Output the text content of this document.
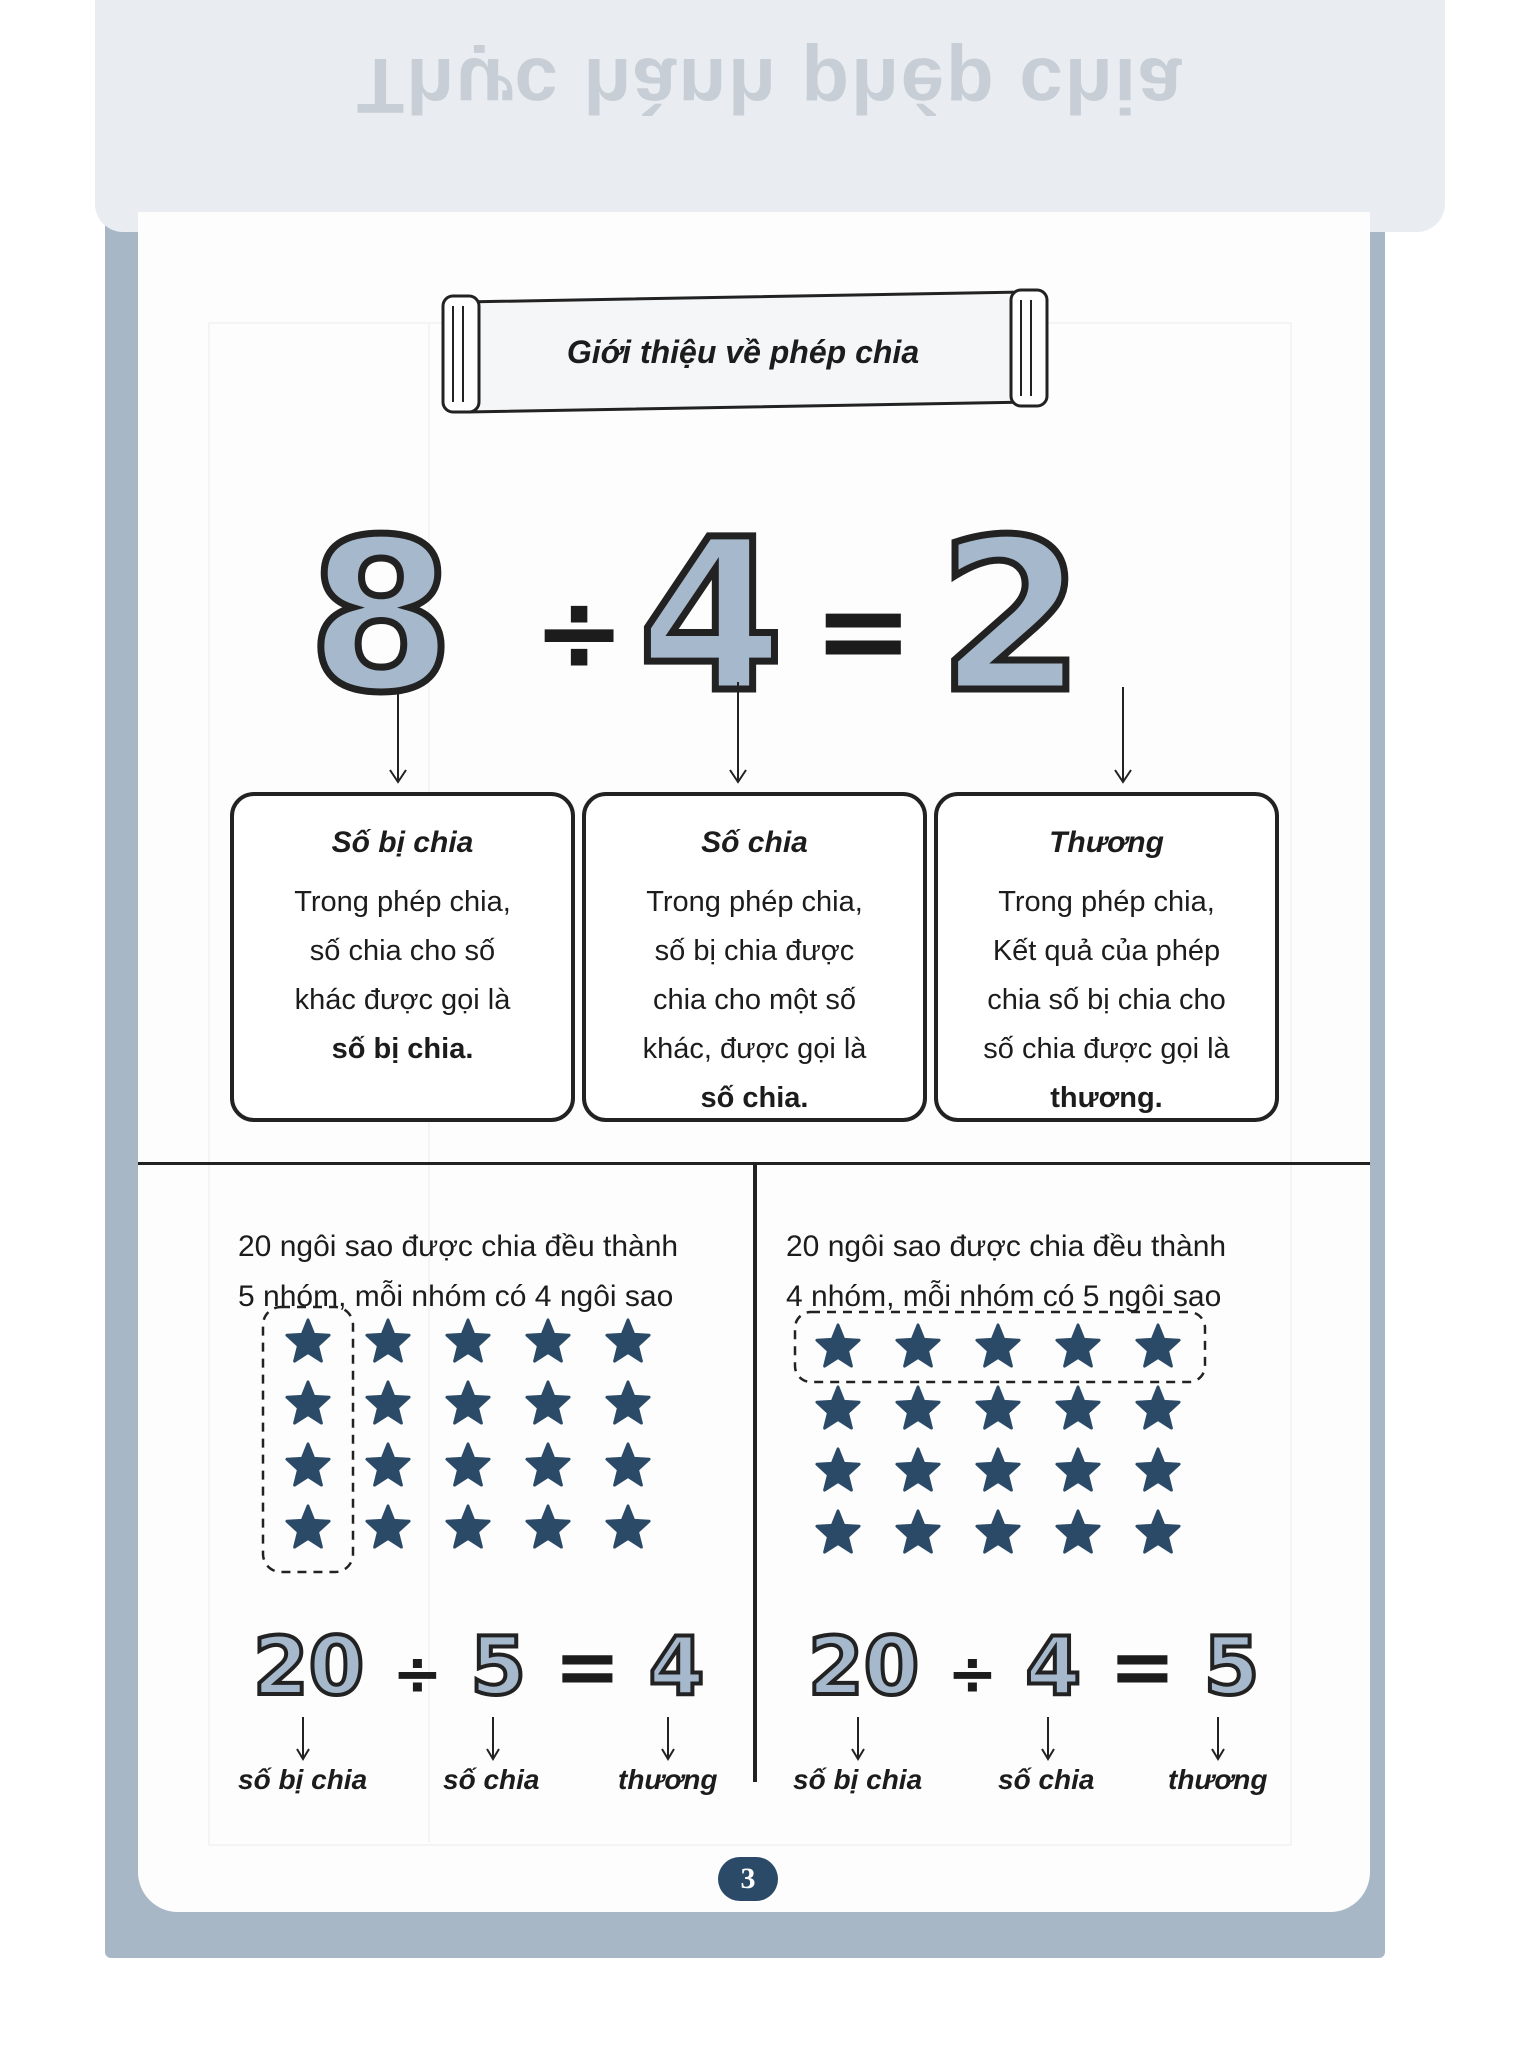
Thực hành phép chia
Giới thiệu về phép chia
8 ÷ 4 = 2
Số bị chia
Trong phép chia,
số chia cho số
khác được gọi là
số bị chia.
Số chia
Trong phép chia,
số bị chia được
chia cho một số
khác, được gọi là
số chia.
Thương
Trong phép chia,
Kết quả của phép
chia số bị chia cho
số chia được gọi là
thương.
20 ngôi sao được chia đều thành
5 nhóm, mỗi nhóm có 4 ngôi sao
20 ngôi sao được chia đều thành
4 nhóm, mỗi nhóm có 5 ngôi sao
20 ÷ 5 = 4 20 ÷ 4 = 5
số bị chia	số chia	thương	số bị chia	số chia	thương
3
